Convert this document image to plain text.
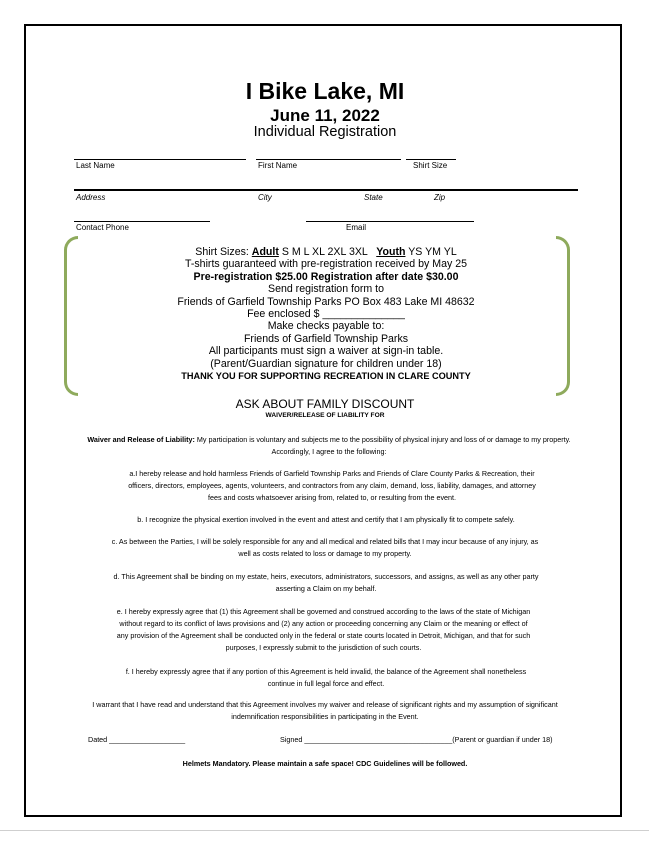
I Bike Lake, MI
June 11, 2022
Individual Registration
Last Name	First Name	Shirt Size
Address	City	State	Zip
Contact Phone	Email
Shirt Sizes: Adult S M L XL 2XL 3XL   Youth YS YM YL
T-shirts guaranteed with pre-registration received by May 25
Pre-registration $25.00 Registration after date $30.00
Send registration form to
Friends of Garfield Township Parks PO Box 483 Lake MI 48632
Fee enclosed $ ______________
Make checks payable to:
Friends of Garfield Township Parks
All participants must sign a waiver at sign-in table.
(Parent/Guardian signature for children under 18)
THANK YOU FOR SUPPORTING RECREATION IN CLARE COUNTY
ASK ABOUT FAMILY DISCOUNT
WAIVER/RELEASE OF LIABILITY FOR
Waiver and Release of Liability: My participation is voluntary and subjects me to the possibility of physical injury and loss of or damage to my property. Accordingly, I agree to the following:
a.I hereby release and hold harmless Friends of Garfield Township Parks and Friends of Clare County Parks & Recreation, their officers, directors, employees, agents, volunteers, and contractors from any claim, demand, loss, liability, damages, and attorney fees and costs whatsoever arising from, related to, or resulting from the event.
b. I recognize the physical exertion involved in the event and attest and certify that I am physically fit to compete safely.
c. As between the Parties, I will be solely responsible for any and all medical and related bills that I may incur because of any injury, as well as costs related to loss or damage to my property.
d. This Agreement shall be binding on my estate, heirs, executors, administrators, successors, and assigns, as well as any other party asserting a Claim on my behalf.
e. I hereby expressly agree that (1) this Agreement shall be governed and construed according to the laws of the state of Michigan without regard to its conflict of laws provisions and (2) any action or proceeding concerning any Claim or the meaning or effect of any provision of the Agreement shall be conducted only in the federal or state courts located in Detroit, Michigan, and that for such purposes, I expressly submit to the jurisdiction of such courts.
f. I hereby expressly agree that if any portion of this Agreement is held invalid, the balance of the Agreement shall nonetheless continue in full legal force and effect.
I warrant that I have read and understand that this Agreement involves my waiver and release of significant rights and my assumption of significant indemnification responsibilities in participating in the Event.
Dated ___________________	Signed _____________________________________(Parent or guardian if under 18)
Helmets Mandatory. Please maintain a safe space! CDC Guidelines will be followed.
